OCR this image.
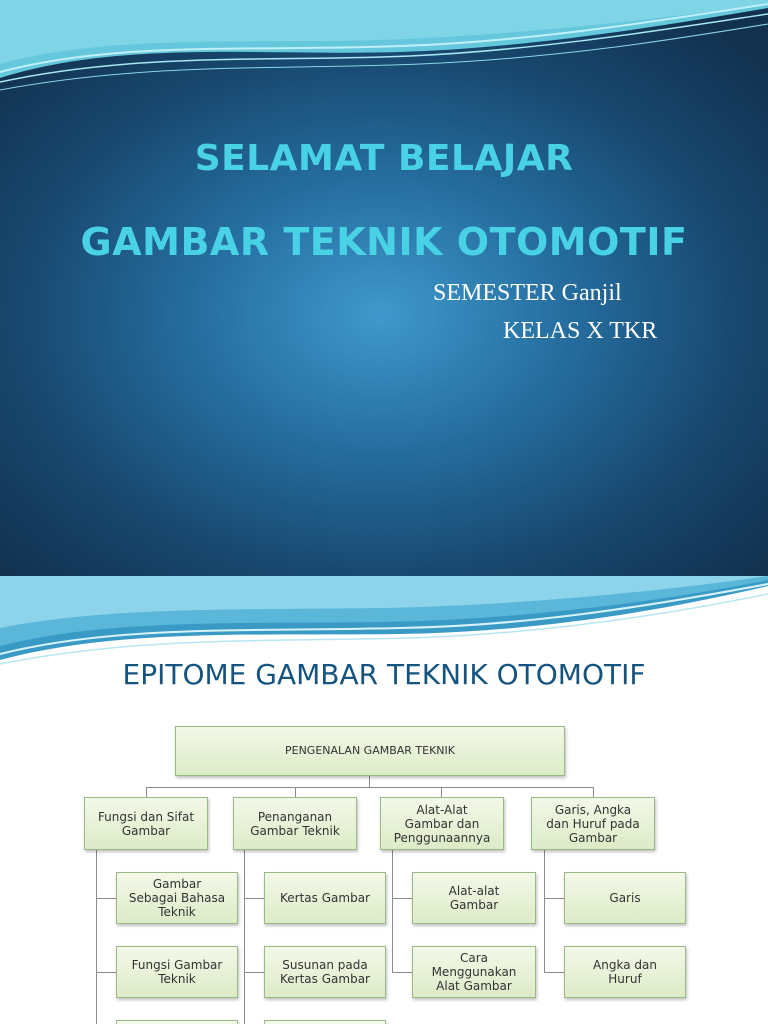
SELAMAT BELAJAR
GAMBAR TEKNIK OTOMOTIF
SEMESTER Ganjil
KELAS X TKR
EPITOME GAMBAR TEKNIK OTOMOTIF
PENGENALAN GAMBAR TEKNIK
Fungsi dan Sifat
Gambar
Penanganan
Gambar Teknik
Alat-Alat
Gambar dan
Penggunaannya
Garis, Angka
dan Huruf pada
Gambar
Gambar
Sebagai Bahasa
Teknik
Fungsi Gambar
Teknik
Kertas Gambar
Susunan pada
Kertas Gambar
Alat-alat
Gambar
Cara
Menggunakan
Alat Gambar
Garis
Angka dan
Huruf
